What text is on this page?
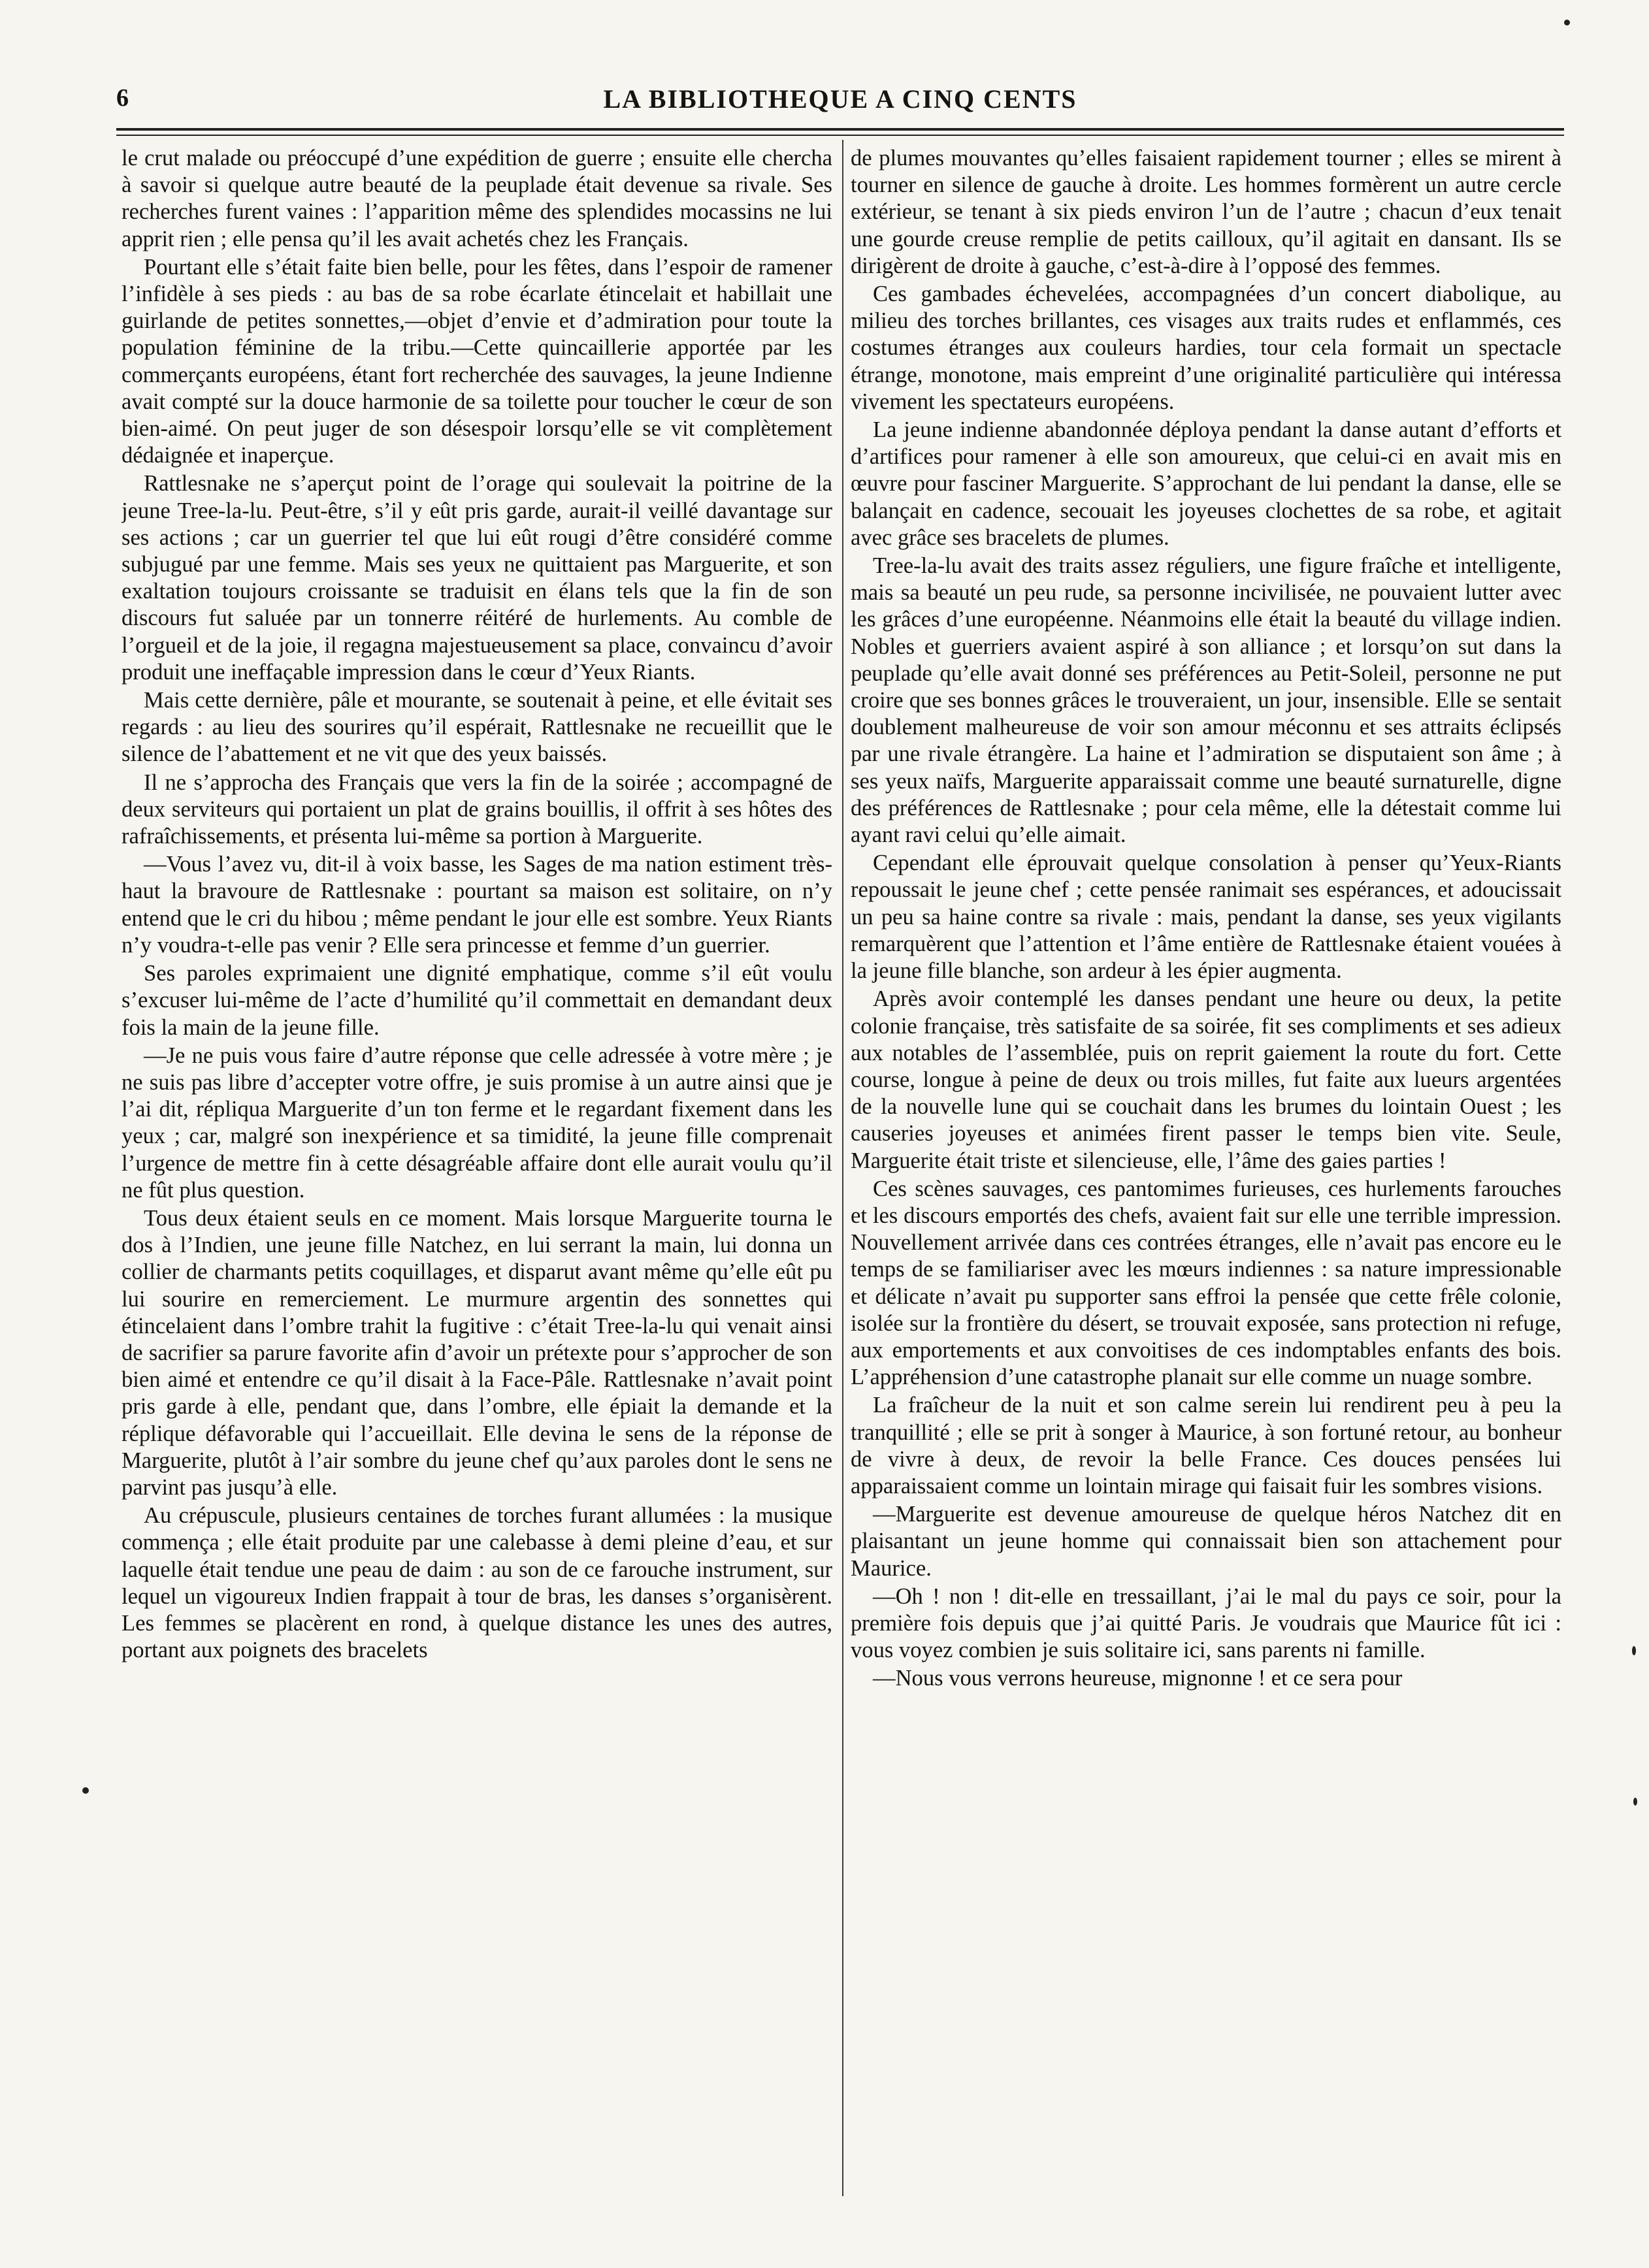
6	LA BIBLIOTHEQUE A CINQ CENTS

le crut malade ou préoccupé d’une expédition de guerre ; ensuite elle chercha à savoir si quelque autre beauté de la peuplade était devenue sa rivale. Ses recherches furent vaines : l’apparition même des splendides mocassins ne lui apprit rien ; elle pensa qu’il les avait achetés chez les Français.

Pourtant elle s’était faite bien belle, pour les fêtes, dans l’espoir de ramener l’infidèle à ses pieds : au bas de sa robe écarlate étincelait et habillait une guirlande de petites sonnettes,—objet d’envie et d’admiration pour toute la population féminine de la tribu.—Cette quincaillerie apportée par les commerçants européens, étant fort recherchée des sauvages, la jeune Indienne avait compté sur la douce harmonie de sa toilette pour toucher le cœur de son bien-aimé. On peut juger de son désespoir lorsqu’elle se vit complètement dédaignée et inaperçue.

Rattlesnake ne s’aperçut point de l’orage qui soulevait la poitrine de la jeune Tree-la-lu. Peut-être, s’il y eût pris garde, aurait-il veillé davantage sur ses actions ; car un guerrier tel que lui eût rougi d’être considéré comme subjugué par une femme. Mais ses yeux ne quittaient pas Marguerite, et son exaltation toujours croissante se traduisit en élans tels que la fin de son discours fut saluée par un tonnerre réitéré de hurlements. Au comble de l’orgueil et de la joie, il regagna majestueusement sa place, convaincu d’avoir produit une ineffaçable impression dans le cœur d’Yeux Riants.

Mais cette dernière, pâle et mourante, se soutenait à peine, et elle évitait ses regards : au lieu des sourires qu’il espérait, Rattlesnake ne recueillit que le silence de l’abattement et ne vit que des yeux baissés.

Il ne s’approcha des Français que vers la fin de la soirée ; accompagné de deux serviteurs qui portaient un plat de grains bouillis, il offrit à ses hôtes des rafraîchissements, et présenta lui-même sa portion à Marguerite.

—Vous l’avez vu, dit-il à voix basse, les Sages de ma nation estiment très-haut la bravoure de Rattlesnake : pourtant sa maison est solitaire, on n’y entend que le cri du hibou ; même pendant le jour elle est sombre. Yeux Riants n’y voudra-t-elle pas venir ? Elle sera princesse et femme d’un guerrier.

Ses paroles exprimaient une dignité emphatique, comme s’il eût voulu s’excuser lui-même de l’acte d’humilité qu’il commettait en demandant deux fois la main de la jeune fille.

—Je ne puis vous faire d’autre réponse que celle adressée à votre mère ; je ne suis pas libre d’accepter votre offre, je suis promise à un autre ainsi que je l’ai dit, répliqua Marguerite d’un ton ferme et le regardant fixement dans les yeux ; car, malgré son inexpérience et sa timidité, la jeune fille comprenait l’urgence de mettre fin à cette désagréable affaire dont elle aurait voulu qu’il ne fût plus question.

Tous deux étaient seuls en ce moment. Mais lorsque Marguerite tourna le dos à l’Indien, une jeune fille Natchez, en lui serrant la main, lui donna un collier de charmants petits coquillages, et disparut avant même qu’elle eût pu lui sourire en remerciement. Le murmure argentin des sonnettes qui étincelaient dans l’ombre trahit la fugitive : c’était Tree-la-lu qui venait ainsi de sacrifier sa parure favorite afin d’avoir un prétexte pour s’approcher de son bien aimé et entendre ce qu’il disait à la Face-Pâle. Rattlesnake n’avait point pris garde à elle, pendant que, dans l’ombre, elle épiait la demande et la réplique défavorable qui l’accueillait. Elle devina le sens de la réponse de Marguerite, plutôt à l’air sombre du jeune chef qu’aux paroles dont le sens ne parvint pas jusqu’à elle.

Au crépuscule, plusieurs centaines de torches furant allumées : la musique commença ; elle était produite par une calebasse à demi pleine d’eau, et sur laquelle était tendue une peau de daim : au son de ce farouche instrument, sur lequel un vigoureux Indien frappait à tour de bras, les danses s’organisèrent. Les femmes se placèrent en rond, à quelque distance les unes des autres, portant aux poignets des bracelets

de plumes mouvantes qu’elles faisaient rapidement tourner ; elles se mirent à tourner en silence de gauche à droite. Les hommes formèrent un autre cercle extérieur, se tenant à six pieds environ l’un de l’autre ; chacun d’eux tenait une gourde creuse remplie de petits cailloux, qu’il agitait en dansant. Ils se dirigèrent de droite à gauche, c’est-à-dire à l’opposé des femmes.

Ces gambades échevelées, accompagnées d’un concert diabolique, au milieu des torches brillantes, ces visages aux traits rudes et enflammés, ces costumes étranges aux couleurs hardies, tour cela formait un spectacle étrange, monotone, mais empreint d’une originalité particulière qui intéressa vivement les spectateurs européens.

La jeune indienne abandonnée déploya pendant la danse autant d’efforts et d’artifices pour ramener à elle son amoureux, que celui-ci en avait mis en œuvre pour fasciner Marguerite. S’approchant de lui pendant la danse, elle se balançait en cadence, secouait les joyeuses clochettes de sa robe, et agitait avec grâce ses bracelets de plumes.

Tree-la-lu avait des traits assez réguliers, une figure fraîche et intelligente, mais sa beauté un peu rude, sa personne incivilisée, ne pouvaient lutter avec les grâces d’une européenne. Néanmoins elle était la beauté du village indien. Nobles et guerriers avaient aspiré à son alliance ; et lorsqu’on sut dans la peuplade qu’elle avait donné ses préférences au Petit-Soleil, personne ne put croire que ses bonnes grâces le trouveraient, un jour, insensible. Elle se sentait doublement malheureuse de voir son amour méconnu et ses attraits éclipsés par une rivale étrangère. La haine et l’admiration se disputaient son âme ; à ses yeux naïfs, Marguerite apparaissait comme une beauté surnaturelle, digne des préférences de Rattlesnake ; pour cela même, elle la détestait comme lui ayant ravi celui qu’elle aimait.

Cependant elle éprouvait quelque consolation à penser qu’Yeux-Riants repoussait le jeune chef ; cette pensée ranimait ses espérances, et adoucissait un peu sa haine contre sa rivale : mais, pendant la danse, ses yeux vigilants remarquèrent que l’attention et l’âme entière de Rattlesnake étaient vouées à la jeune fille blanche, son ardeur à les épier augmenta.

Après avoir contemplé les danses pendant une heure ou deux, la petite colonie française, très satisfaite de sa soirée, fit ses compliments et ses adieux aux notables de l’assemblée, puis on reprit gaiement la route du fort. Cette course, longue à peine de deux ou trois milles, fut faite aux lueurs argentées de la nouvelle lune qui se couchait dans les brumes du lointain Ouest ; les causeries joyeuses et animées firent passer le temps bien vite. Seule, Marguerite était triste et silencieuse, elle, l’âme des gaies parties !

Ces scènes sauvages, ces pantomimes furieuses, ces hurlements farouches et les discours emportés des chefs, avaient fait sur elle une terrible impression. Nouvellement arrivée dans ces contrées étranges, elle n’avait pas encore eu le temps de se familiariser avec les mœurs indiennes : sa nature impressionable et délicate n’avait pu supporter sans effroi la pensée que cette frêle colonie, isolée sur la frontière du désert, se trouvait exposée, sans protection ni refuge, aux emportements et aux convoitises de ces indomptables enfants des bois. L’appréhension d’une catastrophe planait sur elle comme un nuage sombre.

La fraîcheur de la nuit et son calme serein lui rendirent peu à peu la tranquillité ; elle se prit à songer à Maurice, à son fortuné retour, au bonheur de vivre à deux, de revoir la belle France. Ces douces pensées lui apparaissaient comme un lointain mirage qui faisait fuir les sombres visions.

—Marguerite est devenue amoureuse de quelque héros Natchez dit en plaisantant un jeune homme qui connaissait bien son attachement pour Maurice.

—Oh ! non ! dit-elle en tressaillant, j’ai le mal du pays ce soir, pour la première fois depuis que j’ai quitté Paris. Je voudrais que Maurice fût ici : vous voyez combien je suis solitaire ici, sans parents ni famille.

—Nous vous verrons heureuse, mignonne ! et ce sera pour
